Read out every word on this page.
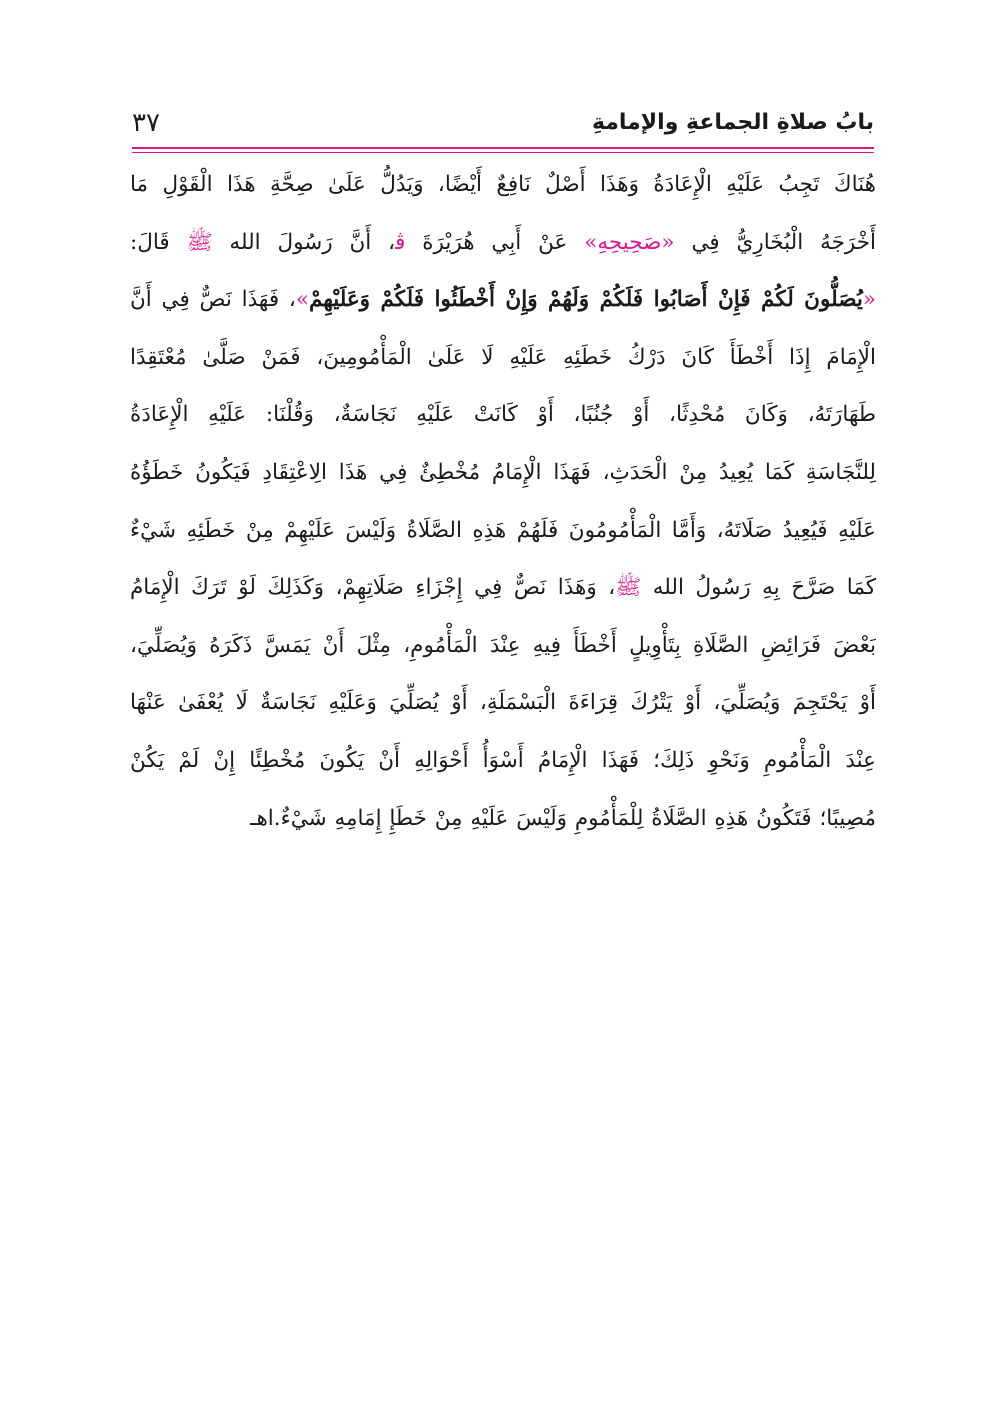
بابُ صلاةِ الجماعةِ والإمامةِ
٣٧
هُنَاكَ تَجِبُ عَلَيْهِ الْإِعَادَةُ وَهَذَا أَصْلٌ نَافِعٌ أَيْضًا، وَيَدُلُّ عَلَىٰ صِحَّةِ هَذَا الْقَوْلِ مَا
أَخْرَجَهُ الْبُخَارِيُّ فِي «صَحِيحِهِ» عَنْ أَبِي هُرَيْرَةَ ﭬ، أَنَّ رَسُولَ الله ﷺ قَالَ:
«يُصَلُّونَ لَكُمْ فَإِنْ أَصَابُوا فَلَكُمْ وَلَهُمْ وَإِنْ أَخْطَئُوا فَلَكُمْ وَعَلَيْهِمْ»، فَهَذَا نَصٌّ فِي أَنَّ
الْإِمَامَ إِذَا أَخْطَأَ كَانَ دَرْكُ خَطَئِهِ عَلَيْهِ لَا عَلَىٰ الْمَأْمُومِينَ، فَمَنْ صَلَّىٰ مُعْتَقِدًا
طَهَارَتَهُ، وَكَانَ مُحْدِثًا، أَوْ جُنُبًا، أَوْ كَانَتْ عَلَيْهِ نَجَاسَةٌ، وَقُلْنَا: عَلَيْهِ الْإِعَادَةُ
لِلنَّجَاسَةِ كَمَا يُعِيدُ مِنْ الْحَدَثِ، فَهَذَا الْإِمَامُ مُخْطِئٌ فِي هَذَا الِاعْتِقَادِ فَيَكُونُ خَطَؤُهُ
عَلَيْهِ فَيُعِيدُ صَلَاتَهُ، وَأَمَّا الْمَأْمُومُونَ فَلَهُمْ هَذِهِ الصَّلَاةُ وَلَيْسَ عَلَيْهِمْ مِنْ خَطَئِهِ شَيْءٌ
كَمَا صَرَّحَ بِهِ رَسُولُ الله ﷺ، وَهَذَا نَصٌّ فِي إِجْزَاءِ صَلَاتِهِمْ، وَكَذَلِكَ لَوْ تَرَكَ الْإِمَامُ
بَعْضَ فَرَائِضِ الصَّلَاةِ بِتَأْوِيلٍ أَخْطَأَ فِيهِ عِنْدَ الْمَأْمُومِ، مِثْلَ أَنْ يَمَسَّ ذَكَرَهُ وَيُصَلِّيَ،
أَوْ يَحْتَجِمَ وَيُصَلِّيَ، أَوْ يَتْرُكَ قِرَاءَةَ الْبَسْمَلَةِ، أَوْ يُصَلِّيَ وَعَلَيْهِ نَجَاسَةٌ لَا يُعْفَىٰ عَنْهَا
عِنْدَ الْمَأْمُومِ وَنَحْوِ ذَلِكَ؛ فَهَذَا الْإِمَامُ أَسْوَأُ أَحْوَالِهِ أَنْ يَكُونَ مُخْطِئًا إِنْ لَمْ يَكُنْ
مُصِيبًا؛ فَتَكُونُ هَذِهِ الصَّلَاةُ لِلْمَأْمُومِ وَلَيْسَ عَلَيْهِ مِنْ خَطَإِ إِمَامِهِ شَيْءٌ.اهـ
